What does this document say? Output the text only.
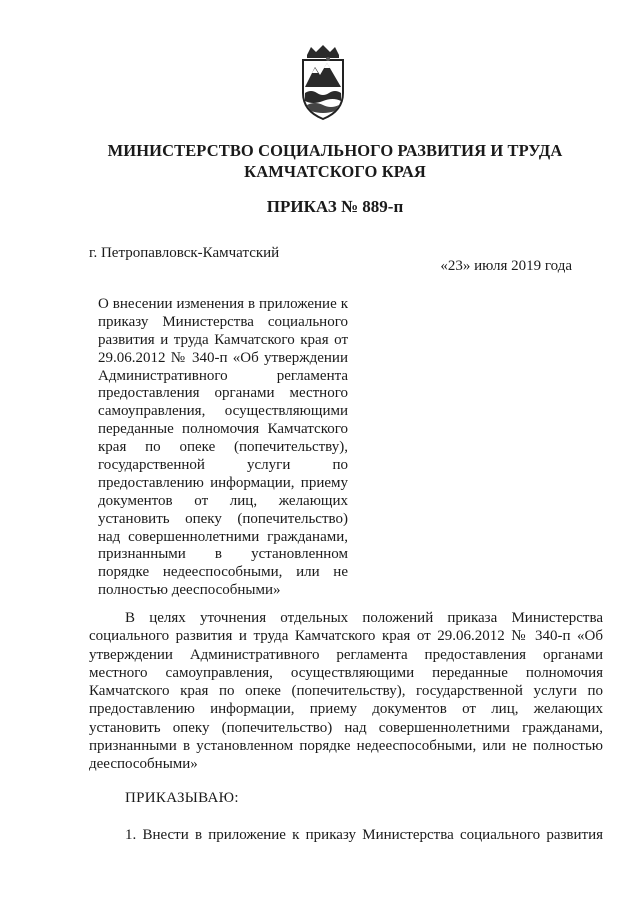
МИНИСТЕРСТВО СОЦИАЛЬНОГО РАЗВИТИЯ И ТРУДА
КАМЧАТСКОГО КРАЯ
ПРИКАЗ № 889-п
г. Петропавловск-Камчатский
«23» июля 2019 года
О внесении изменения в приложение к
приказу Министерства социального
развития и труда Камчатского края от
29.06.2012 № 340-п «Об утверждении
Административного регламента
предоставления органами местного
самоуправления, осуществляющими
переданные полномочия Камчатского
края по опеке (попечительству),
государственной услуги по
предоставлению информации, приему
документов от лиц, желающих
установить опеку (попечительство)
над совершеннолетними гражданами,
признанными в установленном
порядке недееспособными, или не
полностью дееспособными»
В целях уточнения отдельных положений приказа Министерства
социального развития и труда Камчатского края от 29.06.2012 № 340-п «Об
утверждении Административного регламента предоставления органами
местного самоуправления, осуществляющими переданные полномочия
Камчатского края по опеке (попечительству), государственной услуги по
предоставлению информации, приему документов от лиц, желающих
установить опеку (попечительство) над совершеннолетними гражданами,
признанными в установленном порядке недееспособными, или не полностью
дееспособными»
ПРИКАЗЫВАЮ:
1. Внести в приложение к приказу Министерства социального развития
